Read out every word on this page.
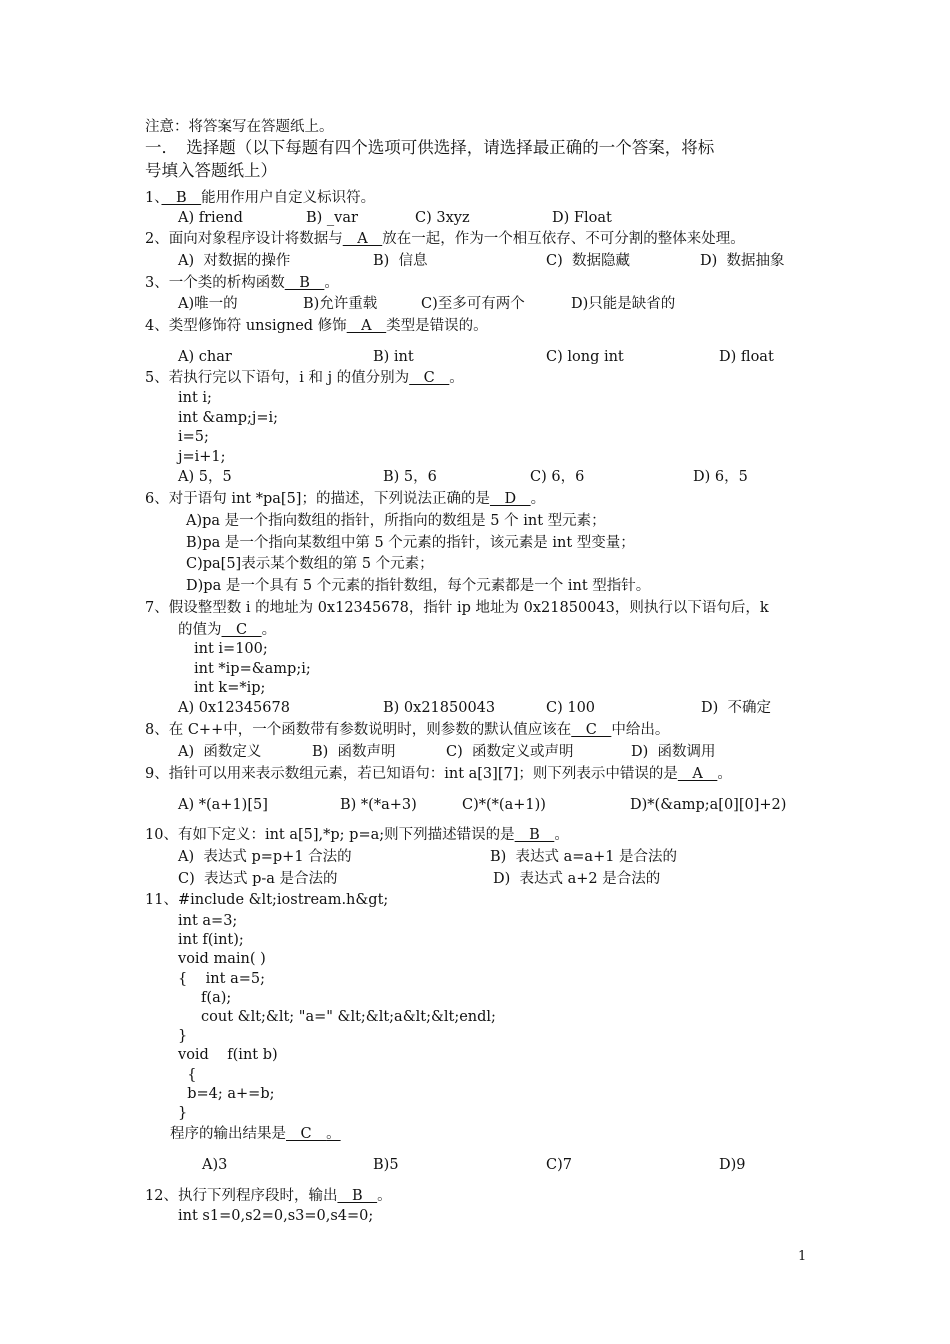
注意：将答案写在答题纸上。
一．　选择题（以下每题有四个选项可供选择，请选择最正确的一个答案，将标
号填入答题纸上）
1、　B　能用作用户自定义标识符。
A) friend	B) _var	C) 3xyz	D) Float
2、面向对象程序设计将数据与　A　放在一起，作为一个相互依存、不可分割的整体来处理。
A)  对数据的操作	B)  信息	C)  数据隐藏	D)  数据抽象
3、一个类的析构函数　B　。
A)唯一的	B)允许重载	C)至多可有两个	D)只能是缺省的
4、类型修饰符 unsigned 修饰　A　类型是错误的。
A) char	B) int	C) long int	D) float
5、若执行完以下语句，i 和 j 的值分别为　C　。
int i;
int &amp;j=i;
i=5;
j=i+1;
A) 5，5	B) 5，6	C) 6，6	D) 6，5
6、对于语句 int *pa[5]；的描述，下列说法正确的是　D　。
A)pa 是一个指向数组的指针，所指向的数组是 5 个 int 型元素；
B)pa 是一个指向某数组中第 5 个元素的指针，该元素是 int 型变量；
C)pa[5]表示某个数组的第 5 个元素；
D)pa 是一个具有 5 个元素的指针数组，每个元素都是一个 int 型指针。
7、假设整型数 i 的地址为 0x12345678，指针 ip 地址为 0x21850043，则执行以下语句后，k
的值为　C　。
int i=100;
int *ip=&amp;i;
int k=*ip;
A) 0x12345678	B) 0x21850043	C) 100	D)  不确定
8、在 C++中，一个函数带有参数说明时，则参数的默认值应该在　C　中给出。
A)  函数定义	B)  函数声明	C)  函数定义或声明	D)  函数调用
9、指针可以用来表示数组元素，若已知语句：int a[3][7]；则下列表示中错误的是　A　。
A) *(a+1)[5]	B) *(*a+3)	C)*(*(a+1))	D)*(&amp;a[0][0]+2)
10、有如下定义：int a[5],*p; p=a;则下列描述错误的是　B　。
A)  表达式 p=p+1 合法的	B)  表达式 a=a+1 是合法的
C)  表达式 p-a 是合法的	D)  表达式 a+2 是合法的
11、#include &lt;iostream.h&gt;
int a=3;
int f(int);
void main( )
{    int a=5;
f(a);
cout &lt;&lt; "a=" &lt;&lt;a&lt;&lt;endl;
}
void    f(int b)
{
b=4; a+=b;
}
程序的输出结果是　C　。
A)3	B)5	C)7	D)9
12、执行下列程序段时，输出　B　。
int s1=0,s2=0,s3=0,s4=0;
1
